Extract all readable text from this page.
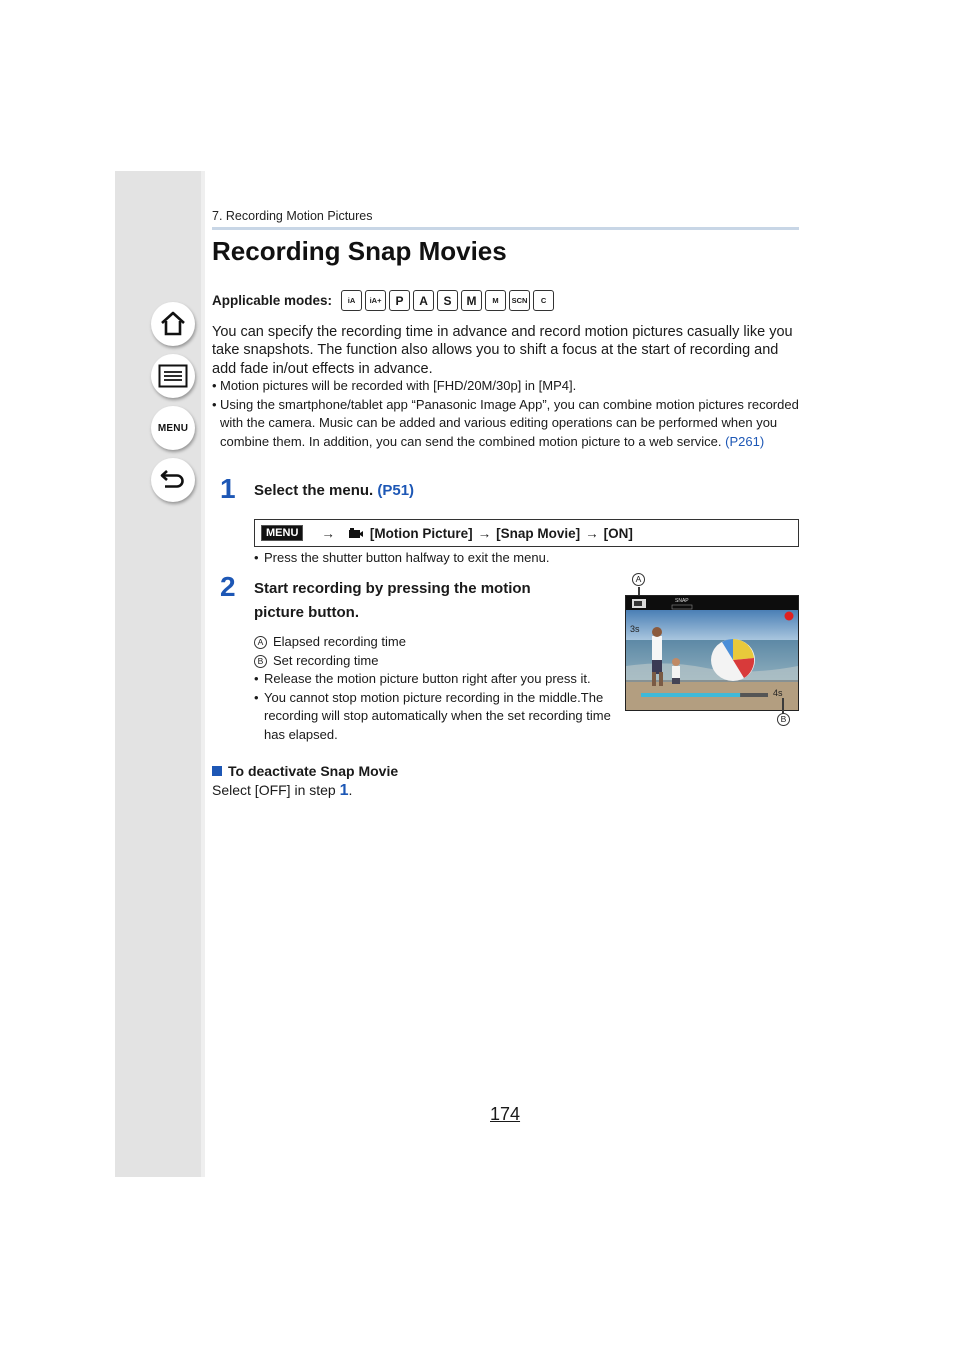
MENU
7. Recording Motion Pictures
Recording Snap Movies
Applicable modes:	iA	iA+	P	A	S	M	M	SCN	C
You can specify the recording time in advance and record motion pictures casually like you take snapshots. The function also allows you to shift a focus at the start of recording and add fade in/out effects in advance.
• Motion pictures will be recorded with [FHD/20M/30p] in [MP4].
• Using the smartphone/tablet app “Panasonic Image App”, you can combine motion pictures recorded with the camera. Music can be added and various editing operations can be performed when you combine them. In addition, you can send the combined motion picture to a web service. (P261)
1 Select the menu. (P51)
MENU	→	[Motion Picture] → [Snap Movie] → [ON]
• Press the shutter button halfway to exit the menu.
2 Start recording by pressing the motion
picture button.
A Elapsed recording time
B Set recording time
• Release the motion picture button right after you press it.
• You cannot stop motion picture recording in the middle.The recording will stop automatically when the set recording time has elapsed.
A
SNAP
3s
4s
B
To deactivate Snap Movie
Select [OFF] in step 1.
174
